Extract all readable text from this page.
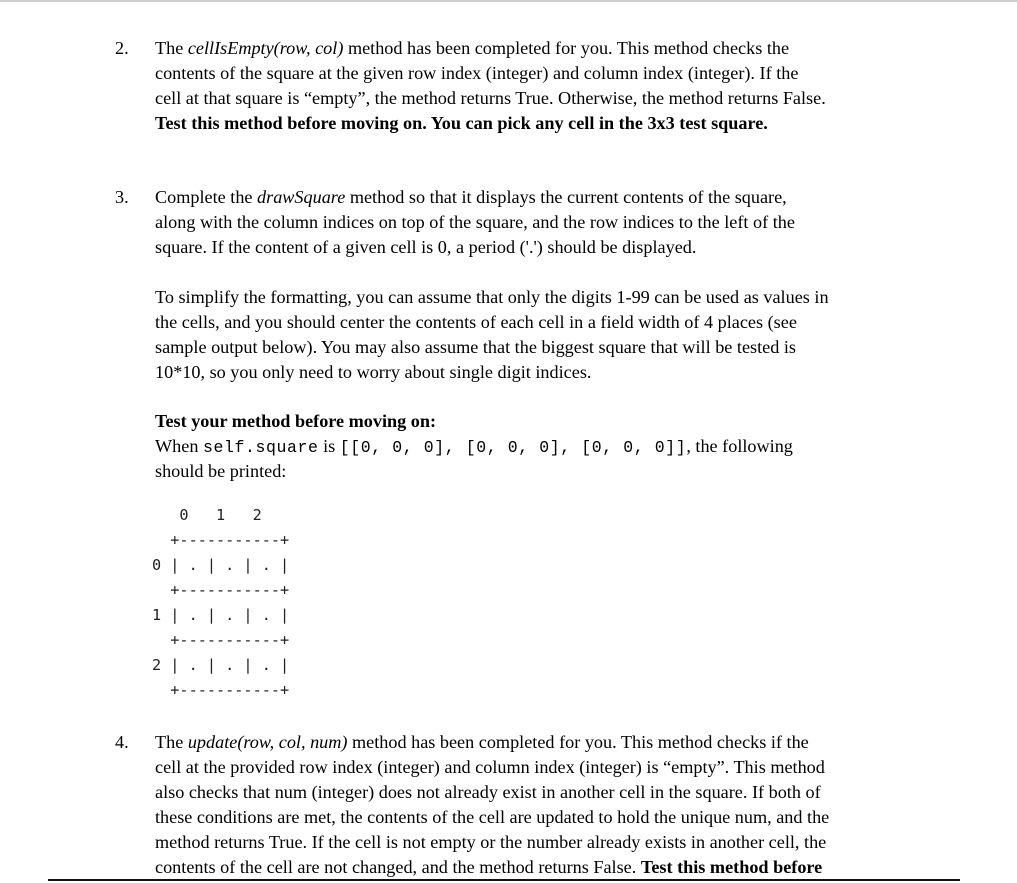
2. The cellIsEmpty(row, col) method has been completed for you. This method checks the
contents of the square at the given row index (integer) and column index (integer). If the
cell at that square is “empty”, the method returns True. Otherwise, the method returns False.
Test this method before moving on. You can pick any cell in the 3x3 test square.
3. Complete the drawSquare method so that it displays the current contents of the square,
along with the column indices on top of the square, and the row indices to the left of the
square. If the content of a given cell is 0, a period ('.') should be displayed.
To simplify the formatting, you can assume that only the digits 1-99 can be used as values in
the cells, and you should center the contents of each cell in a field width of 4 places (see
sample output below). You may also assume that the biggest square that will be tested is
10*10, so you only need to worry about single digit indices.
Test your method before moving on:
When self.square is [[0, 0, 0], [0, 0, 0], [0, 0, 0]], the following
should be printed:
0   1   2
+-----------+
0 | . | . | . |
+-----------+
1 | . | . | . |
+-----------+
2 | . | . | . |
+-----------+
4. The update(row, col, num) method has been completed for you. This method checks if the
cell at the provided row index (integer) and column index (integer) is “empty”. This method
also checks that num (integer) does not already exist in another cell in the square. If both of
these conditions are met, the contents of the cell are updated to hold the unique num, and the
method returns True. If the cell is not empty or the number already exists in another cell, the
contents of the cell are not changed, and the method returns False. Test this method before
